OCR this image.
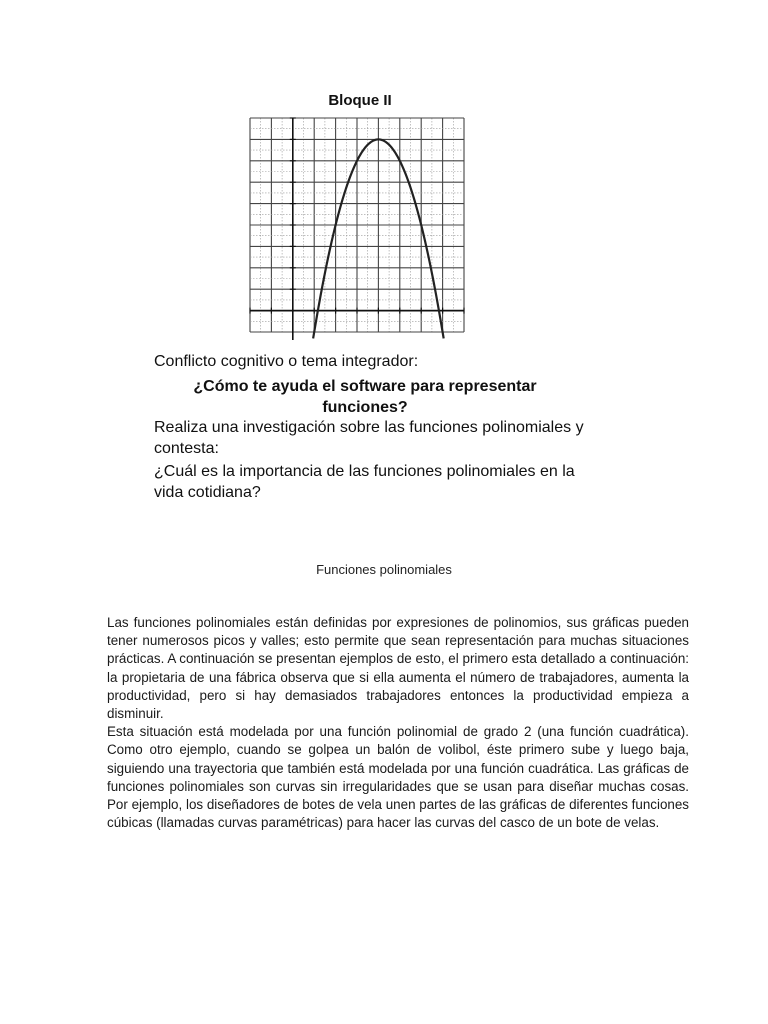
Bloque II
Conflicto cognitivo o tema integrador:
¿Cómo te ayuda el software para representar funciones?
Realiza una investigación sobre las funciones polinomiales y contesta:
¿Cuál es la importancia de las funciones polinomiales en la vida cotidiana?
Funciones polinomiales

Las funciones polinomiales están definidas por expresiones de polinomios, sus gráficas pueden tener numerosos picos y valles; esto permite que sean representación para muchas situaciones prácticas. A continuación se presentan ejemplos de esto, el primero esta detallado a continuación: la propietaria de una fábrica observa que si ella aumenta el número de trabajadores, aumenta la productividad, pero si hay demasiados trabajadores entonces la productividad empieza a disminuir.

Esta situación está modelada por una función polinomial de grado 2 (una función cuadrática). Como otro ejemplo, cuando se golpea un balón de volibol, éste primero sube y luego baja, siguiendo una trayectoria que también está modelada por una función cuadrática. Las gráficas de funciones polinomiales son curvas sin irregularidades que se usan para diseñar muchas cosas. Por ejemplo, los diseñadores de botes de vela unen partes de las gráficas de diferentes funciones cúbicas (llamadas curvas paramétricas) para hacer las curvas del casco de un bote de velas.
